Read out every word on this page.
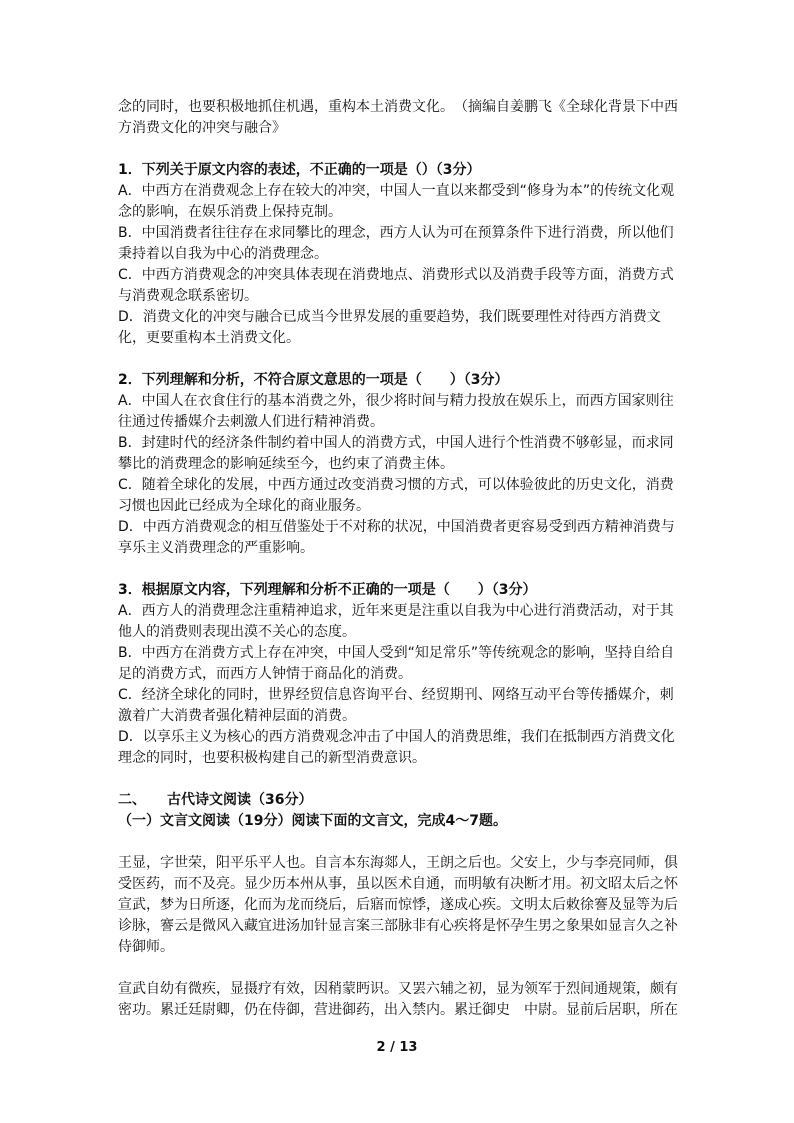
念的同时，也要积极地抓住机遇，重构本土消费文化。　（摘编自姜鹏飞《全球化背景下中西方消费文化的冲突与融合》

1．下列关于原文内容的表述，不正确的一项是（）（3分）

A．中西方在消费观念上存在较大的冲突，中国人一直以来都受到“修身为本”的传统文化观念的影响，在娱乐消费上保持克制。

B．中国消费者往往存在求同攀比的理念，西方人认为可在预算条件下进行消费，所以他们秉持着以自我为中心的消费理念。

C．中西方消费观念的冲突具体表现在消费地点、消费形式以及消费手段等方面，消费方式与消费观念联系密切。

D．消费文化的冲突与融合已成当今世界发展的重要趋势，我们既要理性对待西方消费文化，更要重构本土消费文化。

2．下列理解和分析，不符合原文意思的一项是（　　）（3分）

A．中国人在衣食住行的基本消费之外，很少将时间与精力投放在娱乐上，而西方国家则往往通过传播媒介去刺激人们进行精神消费。

B．封建时代的经济条件制约着中国人的消费方式，中国人进行个性消费不够彰显，而求同攀比的消费理念的影响延续至今，也约束了消费主体。

C．随着全球化的发展，中西方通过改变消费习惯的方式，可以体验彼此的历史文化，消费习惯也因此已经成为全球化的商业服务。

D．中西方消费观念的相互借鉴处于不对称的状况，中国消费者更容易受到西方精神消费与享乐主义消费理念的严重影响。

3．根据原文内容，下列理解和分析不正确的一项是（　　）（3分）

A．西方人的消费理念注重精神追求，近年来更是注重以自我为中心进行消费活动，对于其他人的消费则表现出漠不关心的态度。

B．中西方在消费方式上存在冲突，中国人受到“知足常乐”等传统观念的影响，坚持自给自足的消费方式，而西方人钟情于商品化的消费。

C．经济全球化的同时，世界经贸信息咨询平台、经贸期刊、网络互动平台等传播媒介，刺激着广大消费者强化精神层面的消费。

D．以享乐主义为核心的西方消费观念冲击了中国人的消费思维，我们在抵制西方消费文化理念的同时，也要积极构建自己的新型消费意识。

二、　　古代诗文阅读（36分）

（一）文言文阅读（19分）阅读下面的文言文，完成4～7题。

王显，字世荣，阳平乐平人也。自言本东海郯人，王朗之后也。父安上，少与李亮同师，俱受医药，而不及亮。显少历本州从事，虽以医术自通，而明敏有决断才用。初文昭太后之怀宣武，梦为日所逐，化而为龙而绕后，后寤而惊悸，遂成心疾。文明太后敕徐謇及显等为后诊脉，謇云是微风入藏宜进汤加针显言案三部脉非有心疾将是怀孕生男之象果如显言久之补侍御师。

宣武自幼有微疾，显摄疗有效，因稍蒙眄识。又罢六辅之初，显为领军于烈间通规策，颇有密功。累迁廷尉卿，仍在侍御，营进御药，出入禁内。累迁御史　中尉。显前后居职，所在

2 / 13
